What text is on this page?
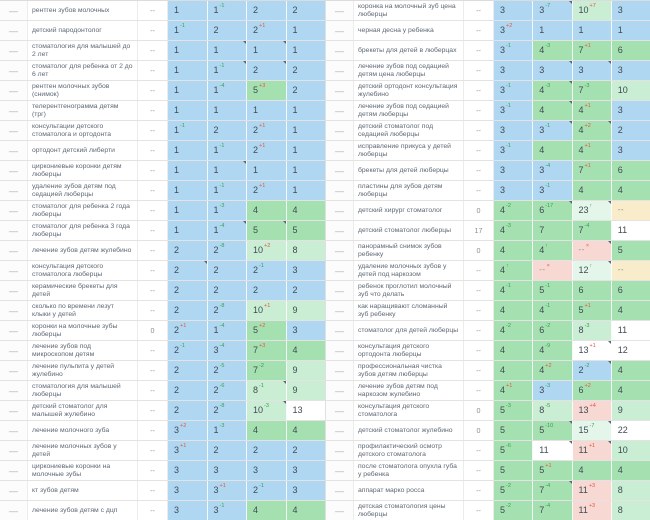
—	рентген зубов молочных	--	1	$1^{-1}$	2	2
—	детский пародонтолог	--	$1^{-1}$	2	$2^{+1}$	1
—	стоматология для малышей до 2 лет	--	1	1	1	1
—	стоматолог для ребенка от 2 до 6 лет	--	1	$1^{-1}$	2	2
—	рентген молочных зубов (снимок)	--	1	$1^{-4}$	$5^{+3}$	2
—	телерентгенограмма детям (трг)	--	1	1	1	1
—	консультации детского стоматолога и ортодонта	--	$1^{-1}$	2	$2^{+1}$	1
—	ортодонт детский либерти	--	1	$1^{-1}$	$2^{+1}$	1
—	циркониевые коронки детям люберцы	--	1	1	1	1
—	удаление зубов детям под седацией люберцы	--	1	$1^{-1}$	$2^{+1}$	1
—	стоматолог для ребенка 2 года люберцы	--	1	$1^{-3}$	4	4
—	стоматолог для ребенка 3 года люберцы	--	1	$1^{-4}$	5	5
—	лечение зубов детям жулебино	--	2	$2^{-8}$	$10^{+2}$ 8
—	консультация детского стоматолога люберцы	--	2	2	$2^{-1}$	3
—	керамические брекеты для детей	--	2	2	2	2
—	сколько по времени лезут клыки у детей	--	2	$2^{-8}$	$10^{+1}$ 9
—	коронки на молочные зубы люберцы	0	$2^{+1}$	$1^{-4}$	$5^{+2}$	3
—	лечение зубов под микроскопом детям	--	$2^{-1}$	$3^{-4}$	$7^{+3}$	4
—	лечение пульпита у детей жулебино	--	2	$2^{-5}$	$7^{-2}$	9
—	стоматология для малышей люберцы	--	2	$2^{-6}$	$8^{-1}$	9
—	детский стоматолог для малышей жулебино	--	2	$2^{-8}$	$10^{-3}$	13
—	лечение молочного зуба	--	$3^{+2}$	$1^{-3}$	4	4
—	лечение молочных зубов у детей	--	$3^{+1}$	2	2	2
—	циркониевые коронки на молочные зубы	--	3	3	3	3
—	кт зубов детям	--	3	$3^{+1}$	$2^{-1}$	3
—	лечение зубов детям с дцп	--	3	$3^{-1}$	4	4
—	коронка на молочный зуб цена люберцы	--	3	$3^{-7}$	$10^{+7}$ 3
—	черная десна у ребенка	--	$3^{+2}$	1	1	1
—	брекеты для детей в люберцах	--	$3^{-1}$	$4^{-3}$	$7^{+1}$	6
—	лечение зубов под седацией детям цена люберцы	--	3	3	3	3
—	детский ортодонт консультация жулебино	--	$3^{-1}$	$4^{-3}$	$7^{-3}$	10
—	лечение зубов под седацией детям люберцы	--	$3^{-1}$	4	$4^{+1}$	3
—	детский стоматолог под седацией люберцы	--	3	$3^{-1}$	$4^{+2}$	2
—	исправление прикуса у детей люберцы	--	$3^{-1}$	4	$4^{+1}$	3
—	брекеты для детей люберцы	--	3	$3^{-4}$	$7^{+1}$	6
—	пластины для зубов детям люберцы	--	3	$3^{-1}$	4	4
—	детский хирург стоматолог	0	$4^{-2}$	$6^{-17}$	23↑	--
—	детский стоматолог люберцы	17	$4^{-3}$	7	$7^{-4}$	11
—	панорамный снимок зубов ребенку	0	4	4↑	--×	5
—	удаление молочных зубов у детей под наркозом	--	4↑	--×	12↑	--
—	ребенок проглотил молочный зуб что делать	--	$4^{-1}$	$5^{-1}$	6	6
—	как наращивают сломанный зуб ребенку	--	4	$4^{-1}$	$5^{+1}$	4
—	стоматолог для детей люберцы	--	$4^{-2}$	$6^{-2}$	$8^{-3}$	11
—	консультация детского ортодонта люберцы	--	4	$4^{-9}$	$13^{+1}$ 12
—	профессиональная чистка зубов детям люберцы	--	4	$4^{+2}$	$2^{-2}$	4
—	лечение зубов детям под наркозом жулебино	--	$4^{+1}$	$3^{-3}$	$6^{+2}$	4
—	консультация детского стоматолога	0	$5^{-3}$	$8^{-5}$	$13^{+4}$ 9
—	детский стоматолог жулебино	0	5	$5^{-10}$	$15^{-7}$	22
—	профилактический осмотр детского стоматолога	--	$5^{-6}$	11	$11^{+1}$	10
—	после стоматолога опухла губа у ребенка	--	5	$5^{+1}$	4	4
—	аппарат марко росса	--	$5^{-2}$	$7^{-4}$	$11^{+3}$	8
—	детская стоматология цены люберцы	--	$5^{-2}$	$7^{-4}$	$11^{+3}$	8
